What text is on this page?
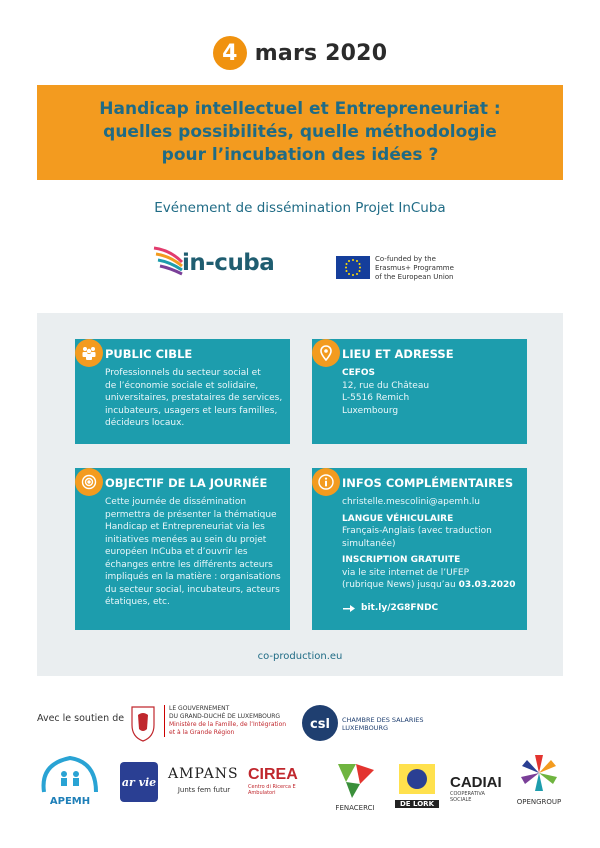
4 mars 2020
Handicap intellectuel et Entrepreneuriat :
quelles possibilités, quelle méthodologie
pour l’incubation des idées ?
Evénement de dissémination Projet InCuba
in-cuba	Co-funded by the
Erasmus+ Programme
of the European Union
PUBLIC CIBLE
Professionnels du secteur social et
de l’économie sociale et solidaire,
universitaires, prestataires de services,
incubateurs, usagers et leurs familles,
décideurs locaux.
LIEU ET ADRESSE
CEFOS
12, rue du Château
L-5516 Remich
Luxembourg
OBJECTIF DE LA JOURNÉE
Cette journée de dissémination
permettra de présenter la thématique
Handicap et Entrepreneuriat via les
initiatives menées au sein du projet
européen InCuba et d’ouvrir les
échanges entre les différents acteurs
impliqués en la matière : organisations
du secteur social, incubateurs, acteurs
étatiques, etc.
INFOS COMPLÉMENTAIRES
christelle.mescolini@apemh.lu
LANGUE VÉHICULAIRE
Français-Anglais (avec traduction
simultanée)
INSCRIPTION GRATUITE
via le site internet de l’UFEP
(rubrique News) jusqu’au 03.03.2020
bit.ly/2G8FNDC
co-production.eu
Avec le soutien de
LE GOUVERNEMENT
DU GRAND-DUCHÉ DE LUXEMBOURG
Ministère de la Famille, de l’Intégration
et à la Grande Région
csl CHAMBRE DES SALARIES
LUXEMBOURG
APEMH
ar vie AMPANS
Junts fem futur
CIREA
Centro di Ricerca E Ambulatori
FENACERCI	DE LORK
CADIAI
COOPERATIVA SOCIALE	OPENGROUP
